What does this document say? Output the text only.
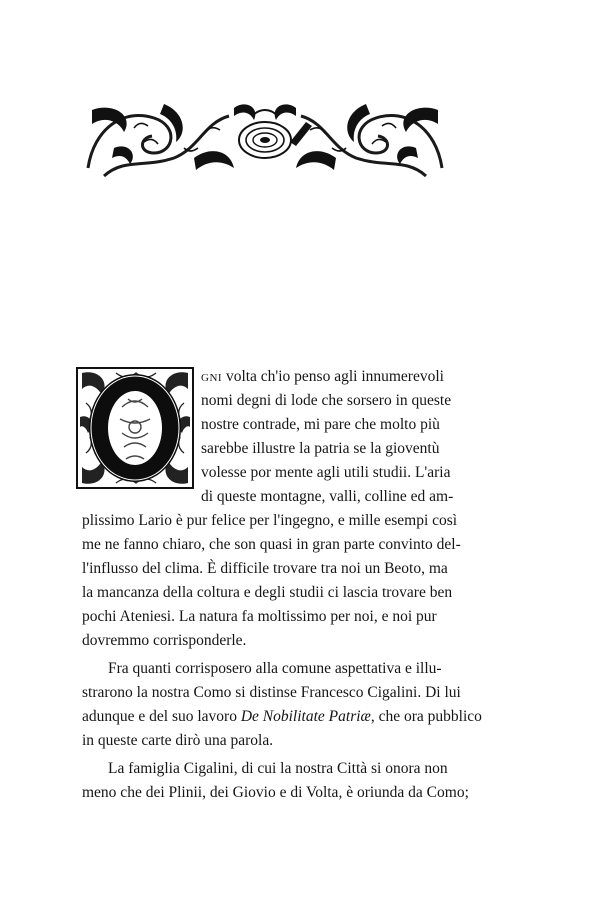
gni volta ch'io penso agli innumerevoli
nomi degni di lode che sorsero in queste
nostre contrade, mi pare che molto più
sarebbe illustre la patria se la gioventù
volesse por mente agli utili studii. L'aria
di queste montagne, valli, colline ed am-
plissimo Lario è pur felice per l'ingegno, e mille esempi così
me ne fanno chiaro, che son quasi in gran parte convinto del-
l'influsso del clima. È difficile trovare tra noi un Beoto, ma
la mancanza della coltura e degli studii ci lascia trovare ben
pochi Ateniesi. La natura fa moltissimo per noi, e noi pur
dovremmo corrisponderle.
Fra quanti corrisposero alla comune aspettativa e illu-
strarono la nostra Como si distinse Francesco Cigalini. Di lui
adunque e del suo lavoro De Nobilitate Patriæ, che ora pubblico
in queste carte dirò una parola.
La famiglia Cigalini, di cui la nostra Città si onora non
meno che dei Plinii, dei Giovio e di Volta, è oriunda da Como;
